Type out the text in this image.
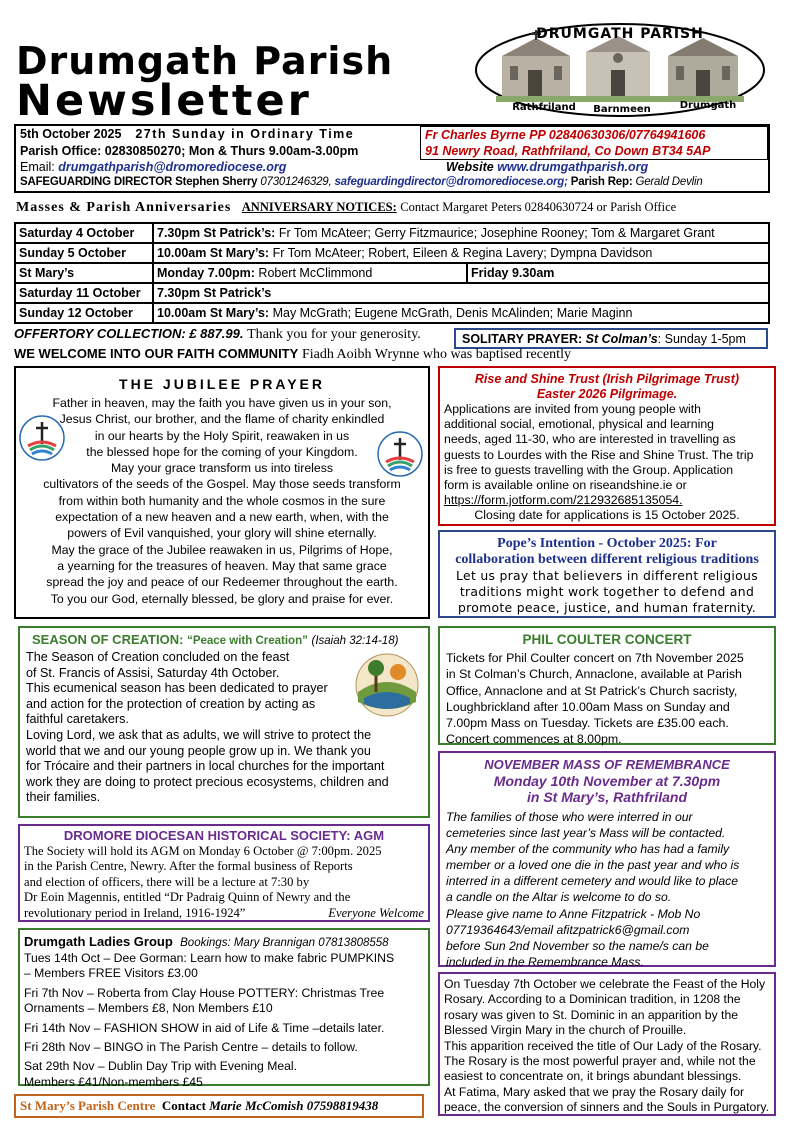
Drumgath Parish
Newsletter
DRUMGATH PARISH
Rathfriland Barnmeen	Drumgath
5th October 2025 27th Sunday in Ordinary Time
Parish Office: 02830850270; Mon & Thurs 9.00am-3.00pm
Email: drumgathparish@dromorediocese.org	Website www.drumgathparish.org
SAFEGUARDING DIRECTOR Stephen Sherry 07301246329, safeguardingdirector@dromorediocese.org; Parish Rep: Gerald Devlin
Fr Charles Byrne PP 02840630306/07764941606
91 Newry Road, Rathfriland, Co Down BT34 5AP
Masses & Parish Anniversaries ANNIVERSARY NOTICES: Contact Margaret Peters 02840630724 or Parish Office
Saturday 4 October	7.30pm St Patrick’s: Fr Tom McAteer; Gerry Fitzmaurice; Josephine Rooney; Tom & Margaret Grant	
Sunday 5 October	10.00am St Mary’s: Fr Tom McAteer; Robert, Eileen & Regina Lavery; Dympna Davidson	
St Mary’s	Monday 7.00pm: Robert McClimmond	Friday 9.30am
Saturday 11 October	7.30pm St Patrick’s	
Sunday 12 October	10.00am St Mary’s: May McGrath; Eugene McGrath, Denis McAlinden; Marie Maginn	
OFFERTORY COLLECTION: £ 887.99. Thank you for your generosity.	SOLITARY PRAYER: St Colman’s: Sunday 1-5pm
WE WELCOME INTO OUR FAITH COMMUNITY Fiadh Aoibh Wrynne who was baptised recently
THE JUBILEE PRAYER
Father in heaven, may the faith you have given us in your son,
Jesus Christ, our brother, and the flame of charity enkindled
in our hearts by the Holy Spirit, reawaken in us
the blessed hope for the coming of your Kingdom.
May your grace transform us into tireless
cultivators of the seeds of the Gospel. May those seeds transform
from within both humanity and the whole cosmos in the sure
expectation of a new heaven and a new earth, when, with the
powers of Evil vanquished, your glory will shine eternally.
May the grace of the Jubilee reawaken in us, Pilgrims of Hope,
a yearning for the treasures of heaven. May that same grace
spread the joy and peace of our Redeemer throughout the earth.
To you our God, eternally blessed, be glory and praise for ever.
Rise and Shine Trust (Irish Pilgrimage Trust)
Easter 2026 Pilgrimage.
Applications are invited from young people with
additional social, emotional, physical and learning
needs, aged 11-30, who are interested in travelling as
guests to Lourdes with the Rise and Shine Trust. The trip
is free to guests travelling with the Group. Application
form is available online on riseandshine.ie or
https://form.jotform.com/212932685135054.
Closing date for applications is 15 October 2025.
Pope’s Intention - October 2025: For
collaboration between different religious traditions
Let us pray that believers in different religious
traditions might work together to defend and
promote peace, justice, and human fraternity.
SEASON OF CREATION: “Peace with Creation” (Isaiah 32:14-18)
The Season of Creation concluded on the feast
of St. Francis of Assisi, Saturday 4th October.
This ecumenical season has been dedicated to prayer
and action for the protection of creation by acting as
faithful caretakers.
Loving Lord, we ask that as adults, we will strive to protect the
world that we and our young people grow up in. We thank you
for Trócaire and their partners in local churches for the important
work they are doing to protect precious ecosystems, children and
their families.
PHIL COULTER CONCERT
Tickets for Phil Coulter concert on 7th November 2025
in St Colman’s Church, Annaclone, available at Parish
Office, Annaclone and at St Patrick’s Church sacristy,
Loughbrickland after 10.00am Mass on Sunday and
7.00pm Mass on Tuesday. Tickets are £35.00 each.
Concert commences at 8.00pm.
DROMORE DIOCESAN HISTORICAL SOCIETY: AGM
The Society will hold its AGM on Monday 6 October @ 7:00pm. 2025
in the Parish Centre, Newry. After the formal business of Reports
and election of officers, there will be a lecture at 7:30 by
Dr Eoin Magennis, entitled “Dr Padraig Quinn of Newry and the
revolutionary period in Ireland, 1916-1924”	Everyone Welcome
NOVEMBER MASS OF REMEMBRANCE
Monday 10th November at 7.30pm
in St Mary’s, Rathfriland
The families of those who were interred in our
cemeteries since last year’s Mass will be contacted.
Any member of the community who has had a family
member or a loved one die in the past year and who is
interred in a different cemetery and would like to place
a candle on the Altar is welcome to do so.
Please give name to Anne Fitzpatrick - Mob No
07719364643/email afitzpatrick6@gmail.com
before Sun 2nd November so the name/s can be
included in the Remembrance Mass.
Drumgath Ladies Group Bookings: Mary Brannigan 07813808558
Tues 14th Oct – Dee Gorman: Learn how to make fabric PUMPKINS
– Members FREE Visitors £3.00
Fri 7th Nov – Roberta from Clay House POTTERY: Christmas Tree
Ornaments – Members £8, Non Members £10
Fri 14th Nov – FASHION SHOW in aid of Life & Time –details later.
Fri 28th Nov – BINGO in The Parish Centre – details to follow.
Sat 29th Nov – Dublin Day Trip with Evening Meal.
Members £41/Non-members £45
On Tuesday 7th October we celebrate the Feast of the Holy
Rosary. According to a Dominican tradition, in 1208 the
rosary was given to St. Dominic in an apparition by the
Blessed Virgin Mary in the church of Prouille.
This apparition received the title of Our Lady of the Rosary.
The Rosary is the most powerful prayer and, while not the
easiest to concentrate on, it brings abundant blessings.
At Fatima, Mary asked that we pray the Rosary daily for
peace, the conversion of sinners and the Souls in Purgatory.
St Mary’s Parish Centre Contact Marie McComish 07598819438
